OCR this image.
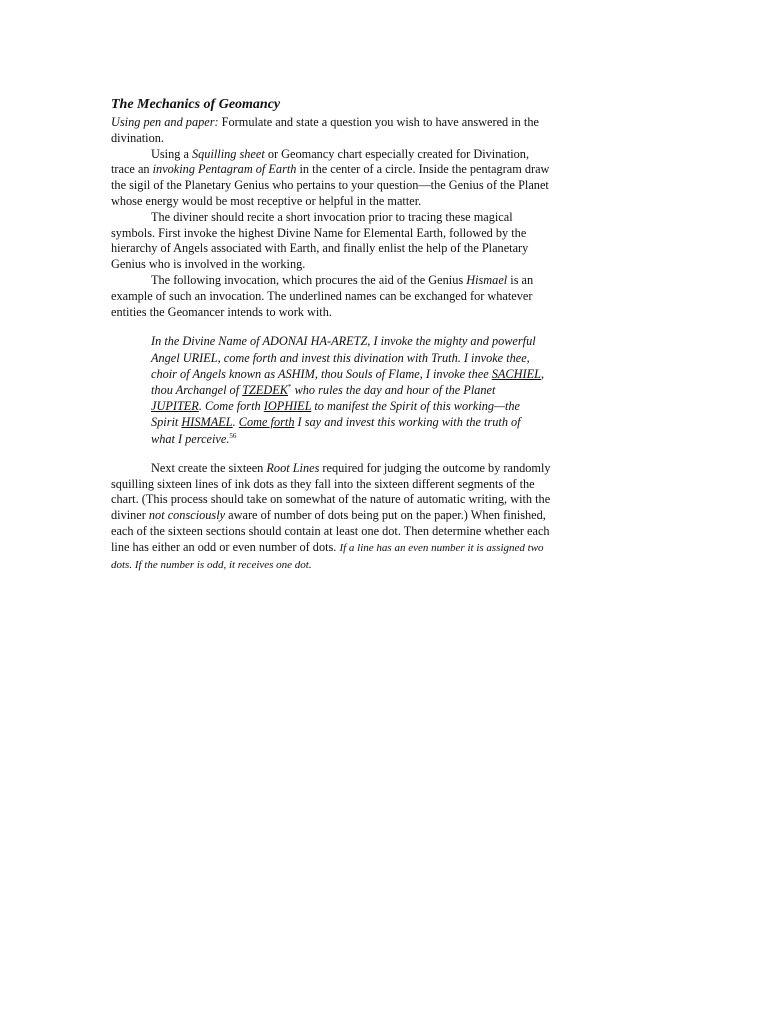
The Mechanics of Geomancy

Using pen and paper: Formulate and state a question you wish to have answered in the divination.

Using a Squilling sheet or Geomancy chart especially created for Divination, trace an invoking Pentagram of Earth in the center of a circle. Inside the pentagram draw the sigil of the Planetary Genius who pertains to your question—the Genius of the Planet whose energy would be most receptive or helpful in the matter.

The diviner should recite a short invocation prior to tracing these magical symbols. First invoke the highest Divine Name for Elemental Earth, followed by the hierarchy of Angels associated with Earth, and finally enlist the help of the Planetary Genius who is involved in the working.

The following invocation, which procures the aid of the Genius Hismael is an example of such an invocation. The underlined names can be exchanged for whatever entities the Geomancer intends to work with.

In the Divine Name of ADONAI HA-ARETZ, I invoke the mighty and powerful Angel URIEL, come forth and invest this divination with Truth. I invoke thee, choir of Angels known as ASHIM, thou Souls of Flame, I invoke thee SACHIEL, thou Archangel of TZEDEK* who rules the day and hour of the Planet JUPITER. Come forth IOPHIEL to manifest the Spirit of this working—the Spirit HISMAEL. Come forth I say and invest this working with the truth of what I perceive.$^{56}$

Next create the sixteen Root Lines required for judging the outcome by randomly squilling sixteen lines of ink dots as they fall into the sixteen different segments of the chart. (This process should take on somewhat of the nature of automatic writing, with the diviner not consciously aware of number of dots being put on the paper.) When finished, each of the sixteen sections should contain at least one dot. Then determine whether each line has either an odd or even number of dots. If a line has an even number it is assigned two dots. If the number is odd, it receives one dot.
